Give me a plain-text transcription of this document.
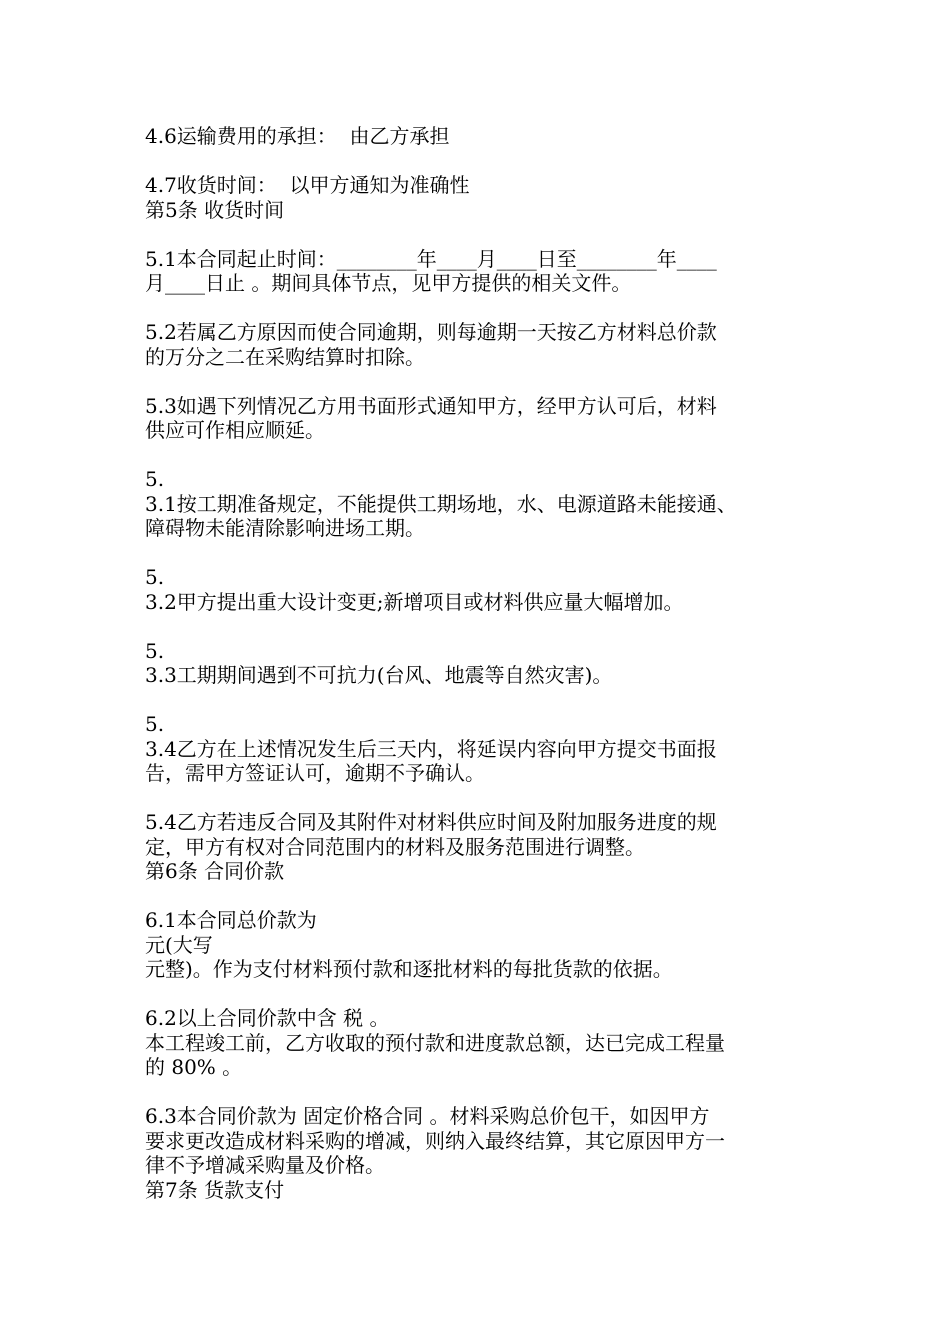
4.6运输费用的承担：  由乙方承担
4.7收货时间：  以甲方通知为准确性
第5条 收货时间
5.1本合同起止时间：________年____月____日至________年____
月____日止 。期间具体节点，见甲方提供的相关文件。
5.2若属乙方原因而使合同逾期，则每逾期一天按乙方材料总价款
的万分之二在采购结算时扣除。
5.3如遇下列情况乙方用书面形式通知甲方，经甲方认可后，材料
供应可作相应顺延。
5.
3.1按工期准备规定，不能提供工期场地，水、电源道路未能接通、
障碍物未能清除影响进场工期。
5.
3.2甲方提出重大设计变更;新增项目或材料供应量大幅增加。
5.
3.3工期期间遇到不可抗力(台风、地震等自然灾害)。
5.
3.4乙方在上述情况发生后三天内，将延误内容向甲方提交书面报
告，需甲方签证认可，逾期不予确认。
5.4乙方若违反合同及其附件对材料供应时间及附加服务进度的规
定，甲方有权对合同范围内的材料及服务范围进行调整。
第6条 合同价款
6.1本合同总价款为
元(大写
元整)。作为支付材料预付款和逐批材料的每批货款的依据。
6.2以上合同价款中含 税 。
本工程竣工前，乙方收取的预付款和进度款总额，达已完成工程量
的 80% 。
6.3本合同价款为 固定价格合同 。材料采购总价包干，如因甲方
要求更改造成材料采购的增减，则纳入最终结算，其它原因甲方一
律不予增减采购量及价格。
第7条 货款支付
